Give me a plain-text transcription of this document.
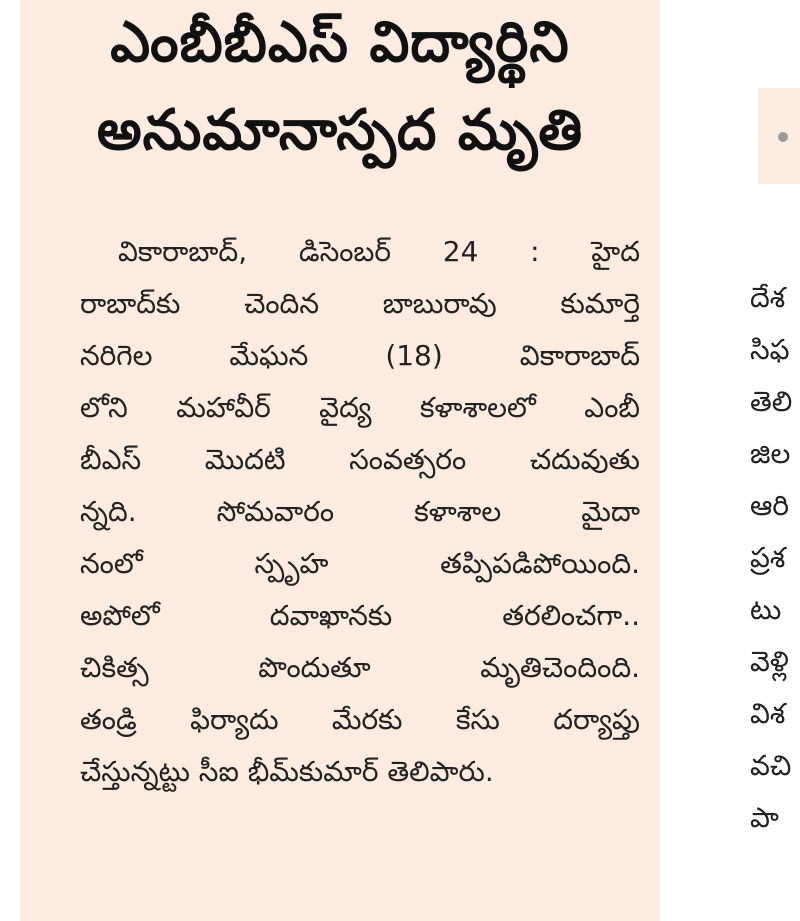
ఎంబీబీఎస్ విద్యార్థిని
అనుమానాస్పద మృతి
వికారాబాద్, డిసెంబర్ 24 : హైద
రాబాద్‌కు చెందిన బాబురావు కుమార్తె
నరిగెల మేఘన (18) వికారాబాద్
లోని మహావీర్ వైద్య కళాశాలలో ఎంబీ
బీఎస్ మొదటి సంవత్సరం చదువుతు
న్నది. సోమవారం కళాశాల మైదా
నంలో స్పృహ తప్పిపడిపోయింది.
అపోలో దవాఖానకు తరలించగా..
చికిత్స పొందుతూ మృతిచెందింది.
తండ్రి ఫిర్యాదు మేరకు కేసు దర్యాప్తు
చేస్తున్నట్టు సీఐ భీమ్‌కుమార్ తెలిపారు.
దేశ
సిఫ
తెలి
జిల
ఆరి
ప్రశ
టు
వెళ్లి
విశ
వచి
పా
